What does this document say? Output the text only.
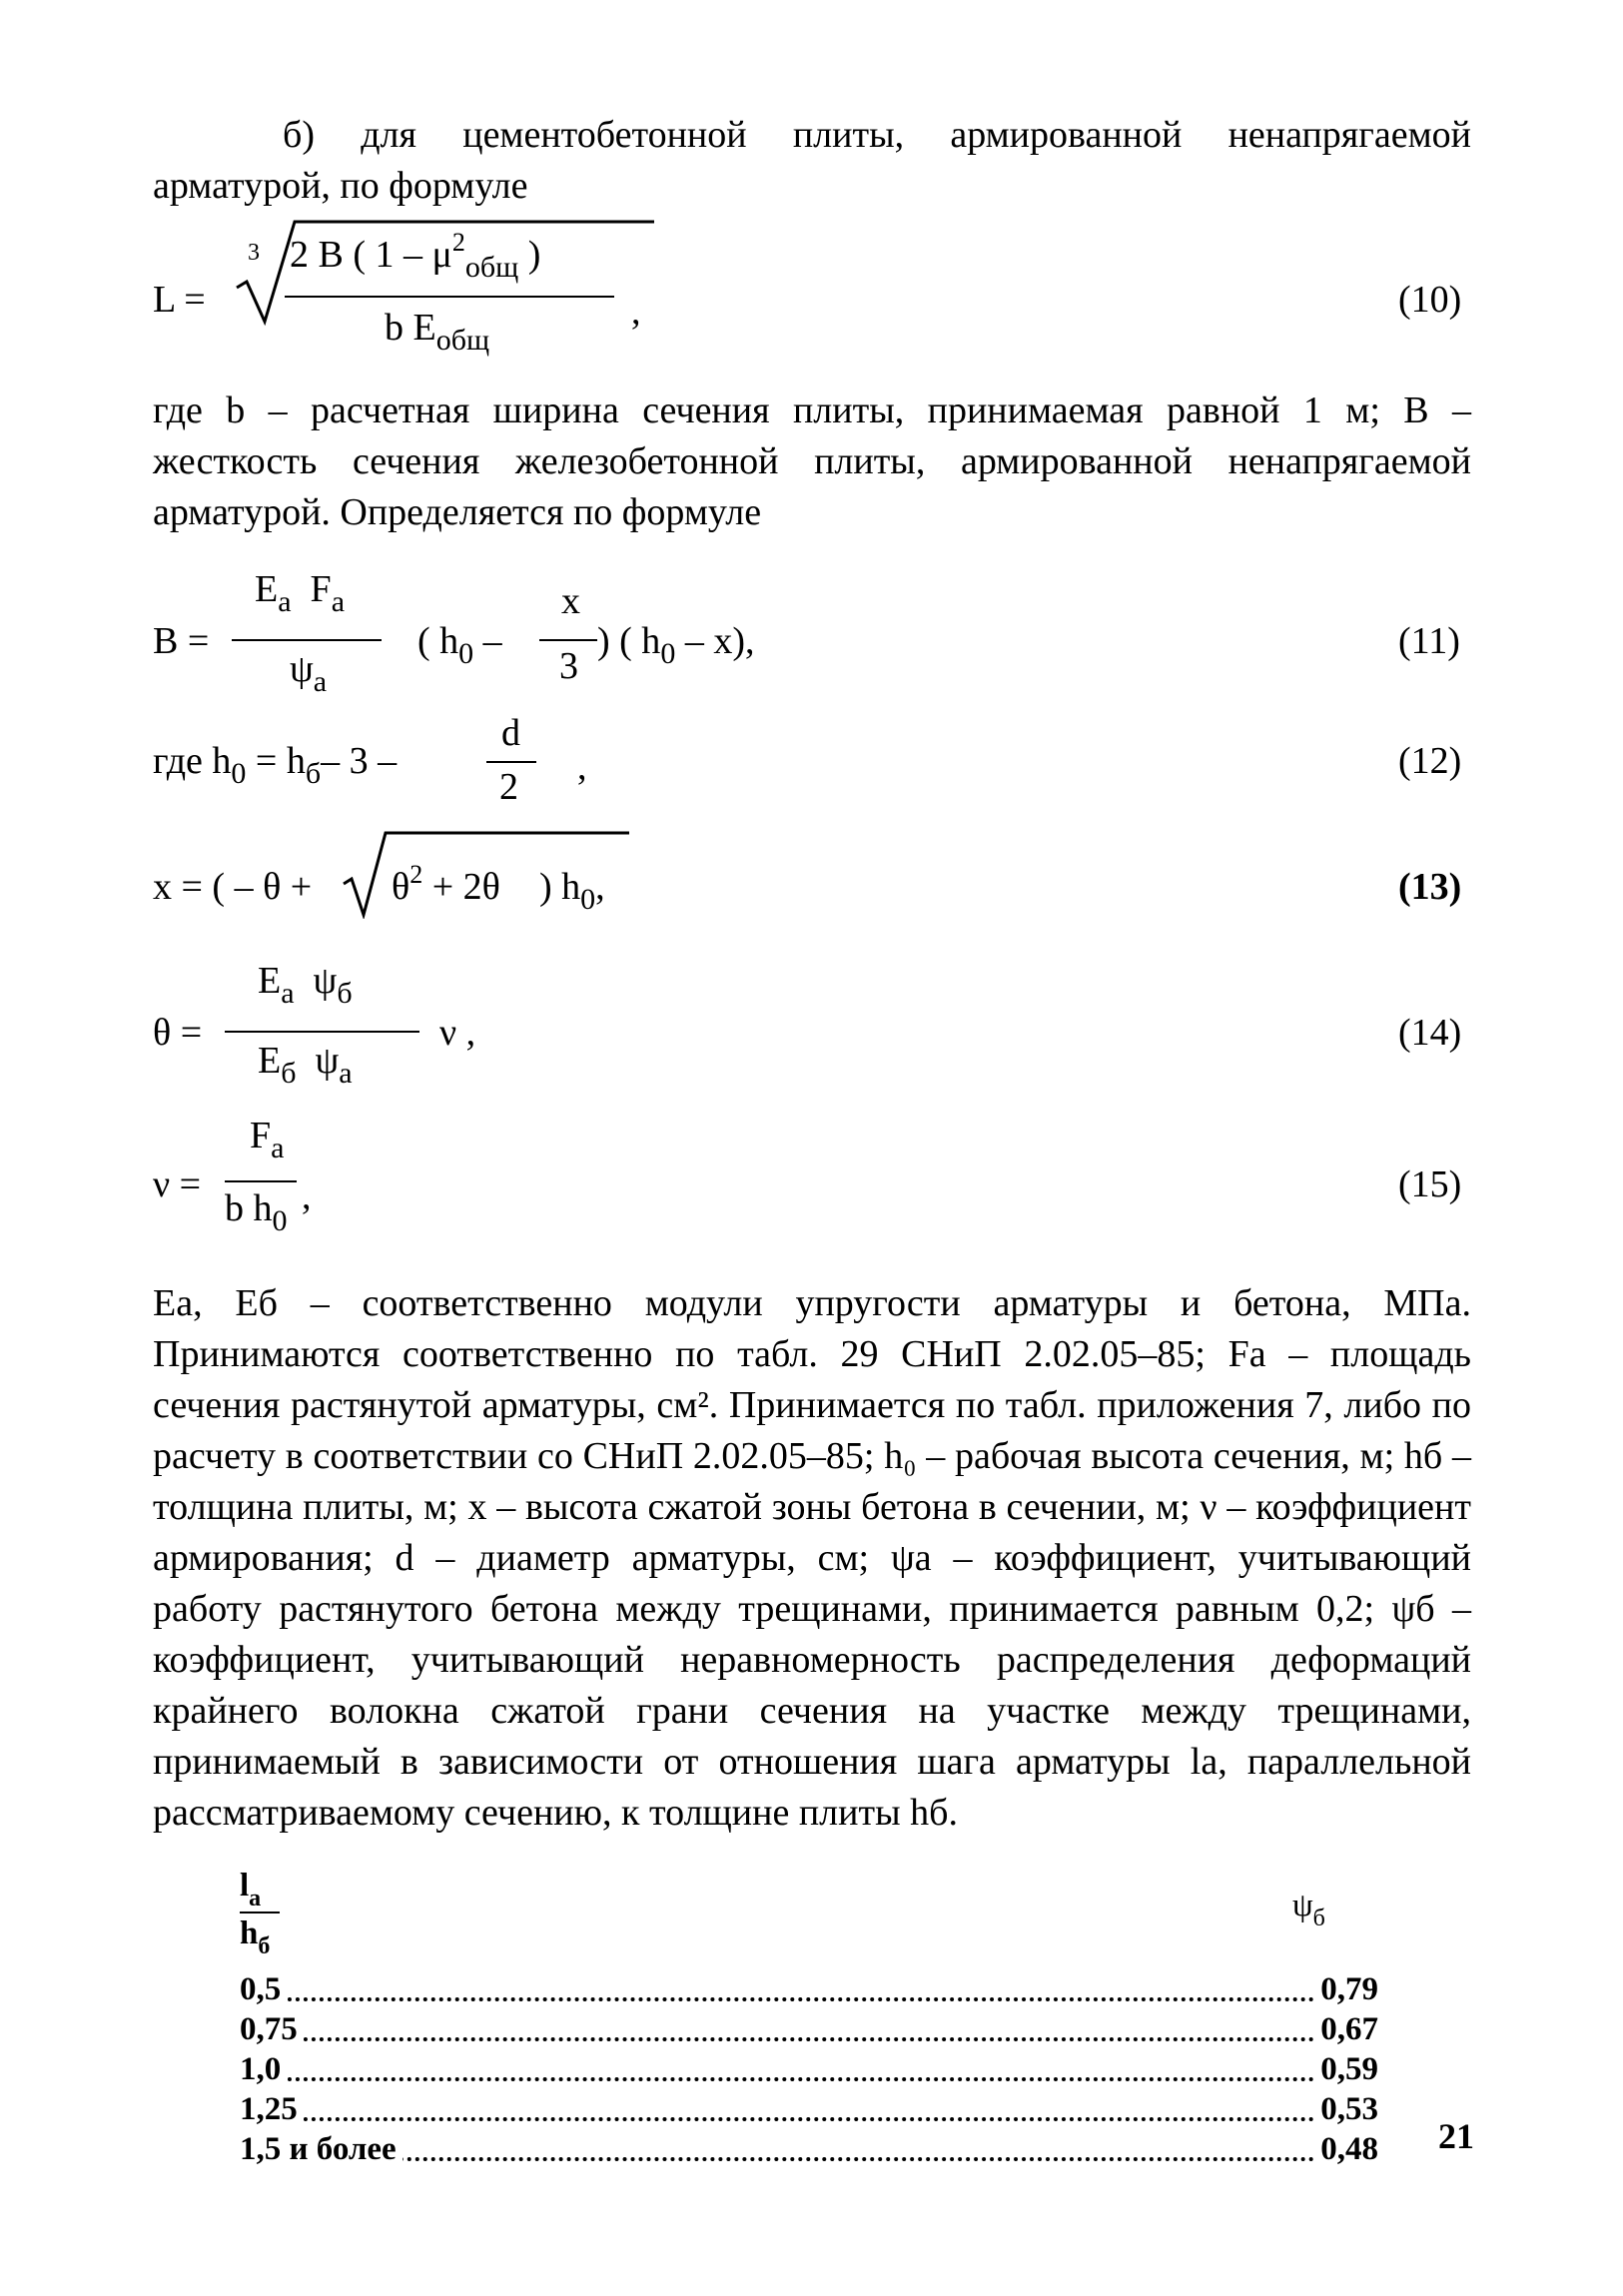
б) для цементобетонной плиты, армированной ненапрягаемой арматурой, по формуле
L =
3 2 B ( $1 - \mu^2_{общ}$ )
b $E_{общ}$
,	(10)
где b – расчетная ширина сечения плиты, принимаемая равной 1 м; B – жесткость сечения железобетонной плиты, армированной ненапрягаемой арматурой. Определяется по формуле
B =
$E_a$ $F_a$
$\psi_a$
( $h_0$ –
x
3
) ( $h_0 - x$),	(11)
где $h_0 = h_б-$ 3 –
d
2 ,	(12)
x = ( – $\theta + \theta^2 + 2\theta$ ) $h_0$,	(13)
θ =
$E_a$ $\psi_б$
$E_б$ $\psi_a$
ν ,	(14)
ν =
$F_a$
b $h_0$
,	(15)
Eа, Eб – соответственно модули упругости арматуры и бетона, МПа. Принимаются соответственно по табл. 29 СНиП 2.02.05–85; Fа – площадь сечения растянутой арматуры, см². Принимается по табл. приложения 7, либо по расчету в соответствии со СНиП 2.02.05–85; h₀ – рабочая высота сечения, м; hб – толщина плиты, м; x – высота сжатой зоны бетона в сечении, м; ν – коэффициент армирования; d – диаметр арматуры, см; ψа – коэффициент, учитывающий работу растянутого бетона между трещинами, принимается равным 0,2; ψб – коэффициент, учитывающий неравномерность распределения деформаций крайнего волокна сжатой грани сечения на участке между трещинами, принимаемый в зависимости от отношения шага арматуры lа, параллельной рассматриваемому сечению, к толщине плиты hб.
$l_a$
$h_б$
$\psi_б$
0,5	0,79
0,75	0,67
1,0	0,59
1,25	0,53
1,5 и более	0,48 21
